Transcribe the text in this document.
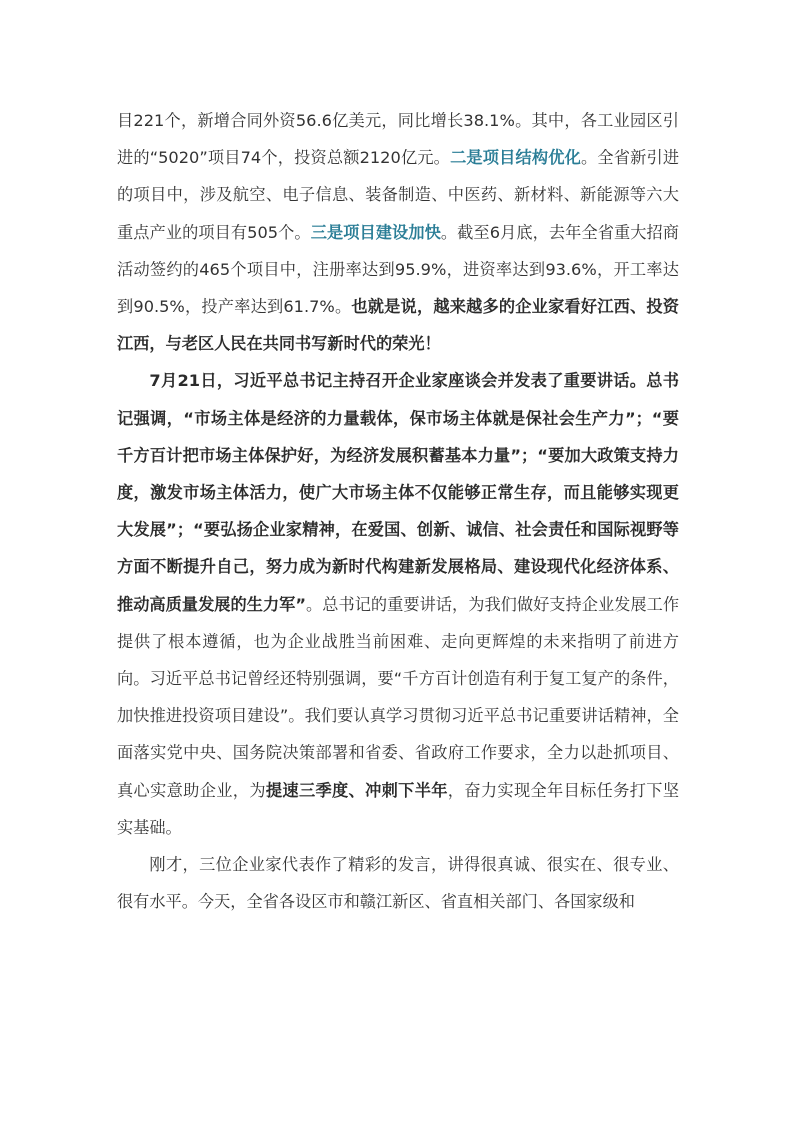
目221个，新增合同外资56.6亿美元，同比增长38.1%。其中，各工业园区引进的“5020”项目74个，投资总额2120亿元。二是项目结构优化。全省新引进的项目中，涉及航空、电子信息、装备制造、中医药、新材料、新能源等六大重点产业的项目有505个。三是项目建设加快。截至6月底，去年全省重大招商活动签约的465个项目中，注册率达到95.9%，进资率达到93.6%，开工率达到90.5%，投产率达到61.7%。也就是说，越来越多的企业家看好江西、投资江西，与老区人民在共同书写新时代的荣光！

7月21日，习近平总书记主持召开企业家座谈会并发表了重要讲话。总书记强调，“市场主体是经济的力量载体，保市场主体就是保社会生产力”；“要千方百计把市场主体保护好，为经济发展积蓄基本力量”；“要加大政策支持力度，激发市场主体活力，使广大市场主体不仅能够正常生存，而且能够实现更大发展”；“要弘扬企业家精神，在爱国、创新、诚信、社会责任和国际视野等方面不断提升自己，努力成为新时代构建新发展格局、建设现代化经济体系、推动高质量发展的生力军”。总书记的重要讲话，为我们做好支持企业发展工作提供了根本遵循，也为企业战胜当前困难、走向更辉煌的未来指明了前进方向。习近平总书记曾经还特别强调，要“千方百计创造有利于复工复产的条件，加快推进投资项目建设”。我们要认真学习贯彻习近平总书记重要讲话精神，全面落实党中央、国务院决策部署和省委、省政府工作要求，全力以赴抓项目、真心实意助企业，为提速三季度、冲刺下半年，奋力实现全年目标任务打下坚实基础。

刚才，三位企业家代表作了精彩的发言，讲得很真诚、很实在、很专业、很有水平。今天，全省各设区市和赣江新区、省直相关部门、各国家级和
